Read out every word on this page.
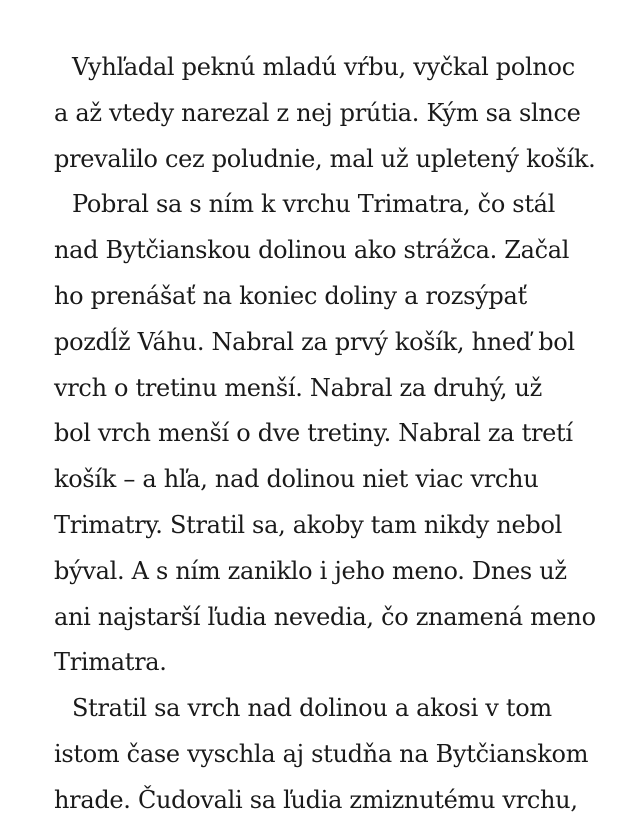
Vyhľadal peknú mladú vŕbu, vyčkal polnoc
a až vtedy narezal z nej prútia. Kým sa slnce
prevalilo cez poludnie, mal už upletený košík.

Pobral sa s ním k vrchu Trimatra, čo stál
nad Bytčianskou dolinou ako strážca. Začal
ho prenášať na koniec doliny a rozsýpať
pozdĺž Váhu. Nabral za prvý košík, hneď bol
vrch o tretinu menší. Nabral za druhý, už
bol vrch menší o dve tretiny. Nabral za tretí
košík – a hľa, nad dolinou niet viac vrchu
Trimatry. Stratil sa, akoby tam nikdy nebol
býval. A s ním zaniklo i jeho meno. Dnes už
ani najstarší ľudia nevedia, čo znamená meno
Trimatra.

Stratil sa vrch nad dolinou a akosi v tom
istom čase vyschla aj studňa na Bytčianskom
hrade. Čudovali sa ľudia zmiznutému vrchu,
